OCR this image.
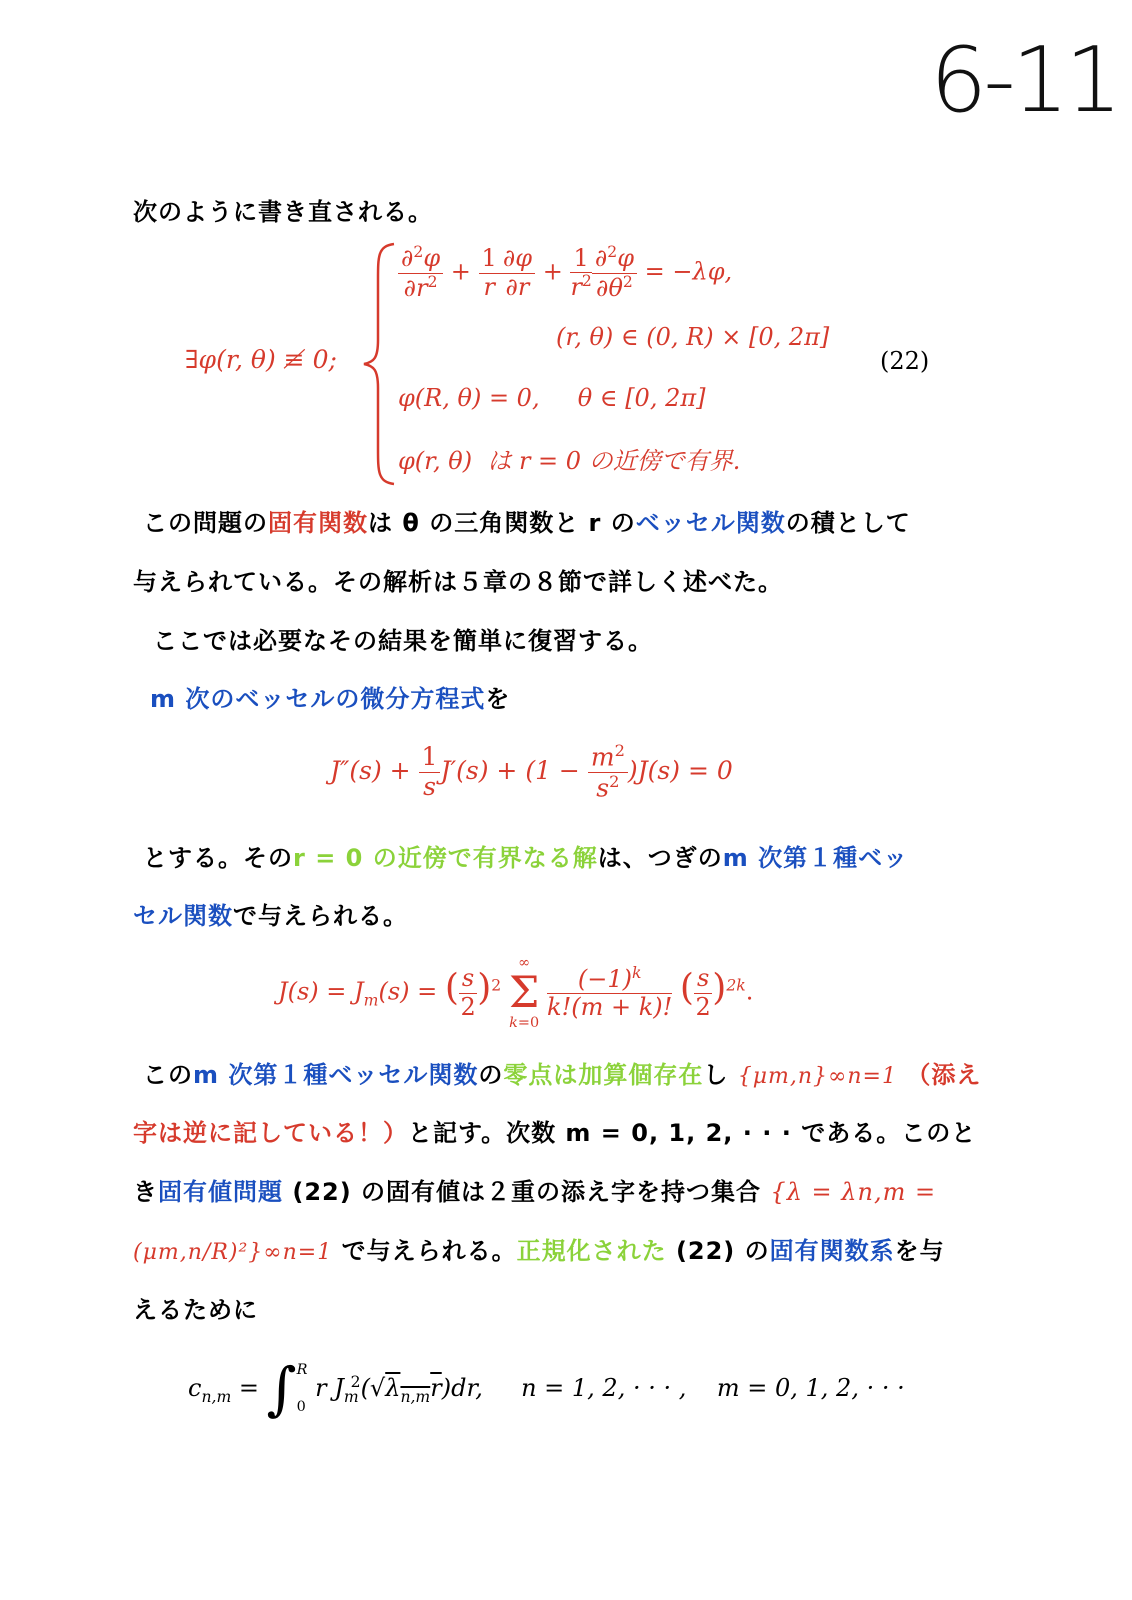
6-11
次のように書き直される。
∃φ(r, θ) ≢ 0;
$\frac{\partial^2\varphi}{\partial r^2} + \frac{1}{r} \frac{\partial\varphi}{\partial r} + \frac{1}{r^2} \frac{\partial^2\varphi}{\partial\theta^2} = -\lambda\varphi$,
(r, θ) ∈ (0, R) × [0, 2π]
φ(R, θ) = 0,     θ ∈ [0, 2π]
φ(r, θ)  は r = 0 の近傍で有界.
(22)
この問題の固有関数は θ の三角関数と r のベッセル関数の積として
与えられている。その解析は５章の８節で詳しく述べた。
ここでは必要なその結果を簡単に復習する。
m 次のベッセルの微分方程式を
$J''(s) + \frac{1}{s} J'(s) + (1 - \frac{m^2}{s^2} )J(s) = 0$
とする。そのr = 0 の近傍で有界なる解は、つぎのm 次第１種ベッ
セル関数で与えられる。
$J(s) = J_m(s)$ = ( $\frac{s}{2} )^2$
∞
Σ
k=0

$\frac{(-1)^k}{k!(m + k)!}$ ( $\frac{s}{2} )^{2k}$.
このm 次第１種ベッセル関数の零点は加算個存在し {μm,n}∞n=1 （添え
字は逆に記している！）と記す。次数 m = 0, 1, 2, · · · である。このと
き固有値問題 (22) の固有値は２重の添え字を持つ集合 {λ = λn,m =
(μm,n/R)²}∞n=1 で与えられる。正規化された (22) の固有関数系を与
えるために
$c_{n,m}$ = ∫ R
0
r $J_m^2(√\lambda_{n,m}r)dr$,     n = 1, 2, · · · ,    m = 0, 1, 2, · · ·
